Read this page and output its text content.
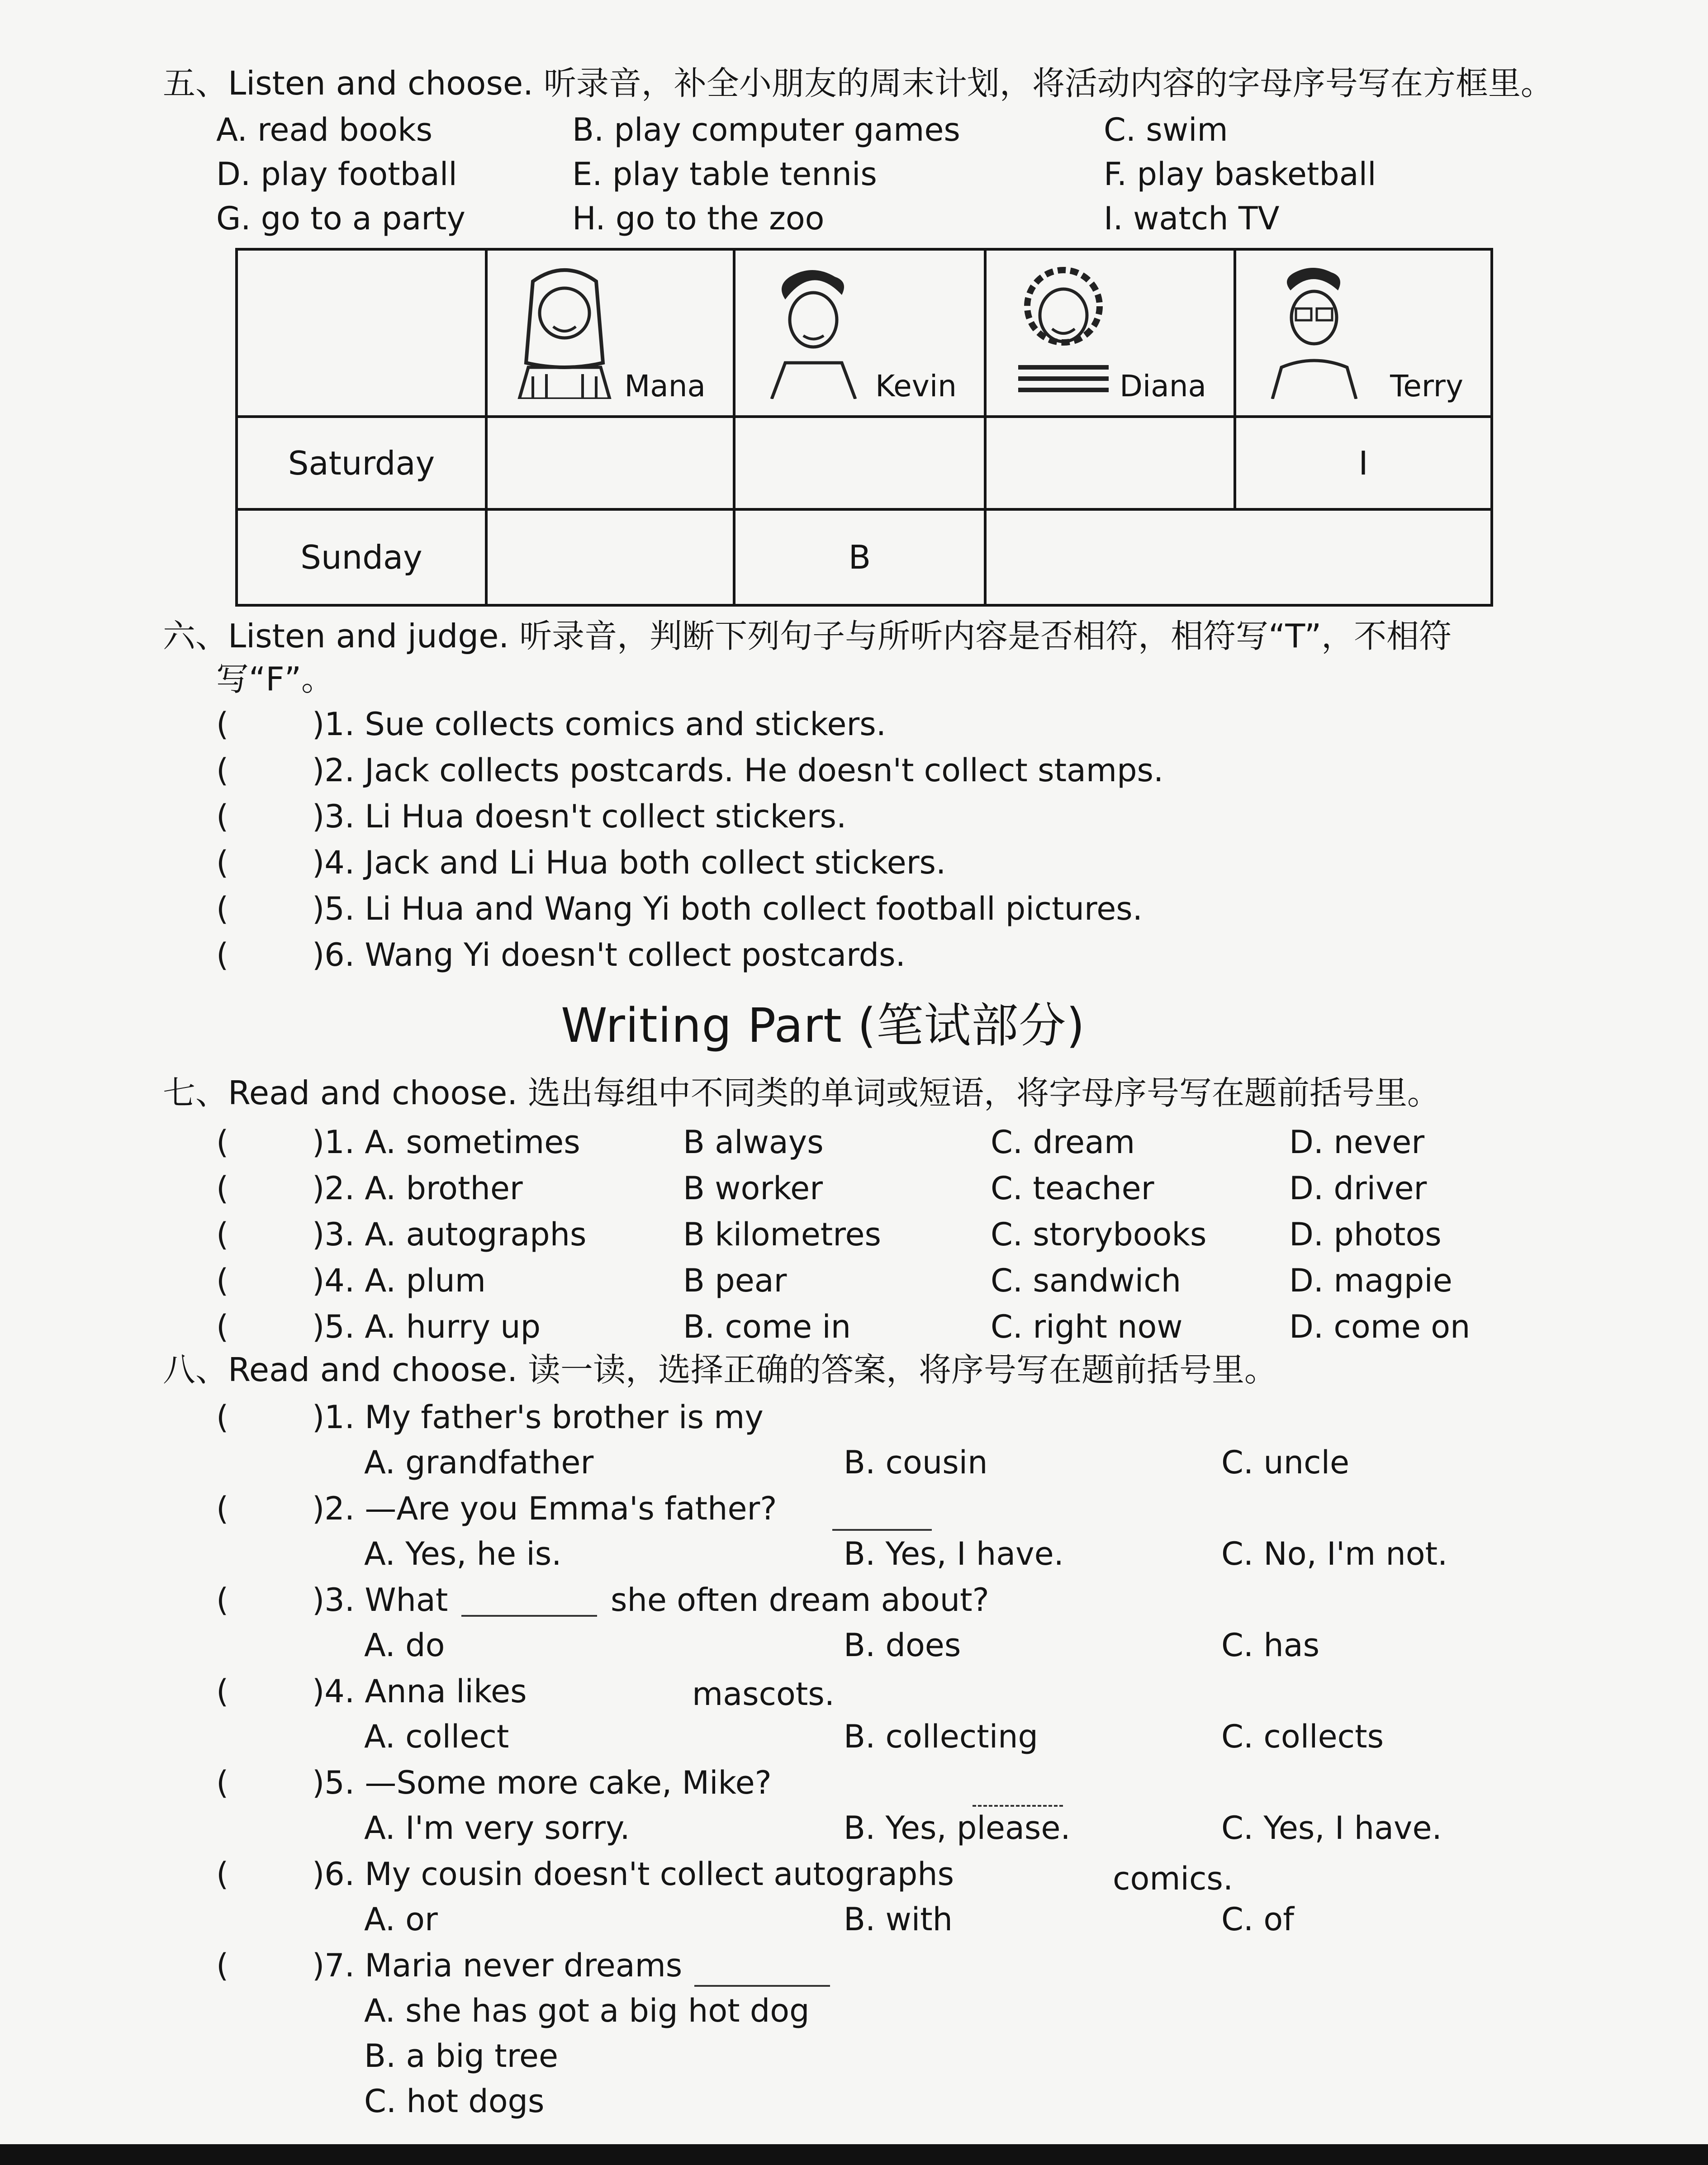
五、Listen and choose. 听录音，补全小朋友的周末计划，将活动内容的字母序号写在方框里。
A. read books	B. play computer games	C. swim
D. play football	E. play table tennis	F. play basketball
G. go to a party	H. go to the zoo	I. watch TV

	Mana	Kevin	Diana	Terry

Saturday				I
Sunday		B		
六、Listen and judge. 听录音，判断下列句子与所听内容是否相符，相符写“T”，不相符
写“F”。
(	)1. Sue collects comics and stickers.
(	)2. Jack collects postcards. He doesn't collect stamps.
(	)3. Li Hua doesn't collect stickers.
(	)4. Jack and Li Hua both collect stickers.
(	)5. Li Hua and Wang Yi both collect football pictures.
(	)6. Wang Yi doesn't collect postcards.
Writing Part (笔试部分)
七、Read and choose. 选出每组中不同类的单词或短语，将字母序号写在题前括号里。
(	)1. A. sometimes	B always	C. dream	D. never
(	)2. A. brother	B worker	C. teacher	D. driver
(	)3. A. autographs	B kilometres	C. storybooks	D. photos
(	)4. A. plum	B pear	C. sandwich	D. magpie
(	)5. A. hurry up	B. come in	C. right now	D. come on
八、Read and choose. 读一读，选择正确的答案，将序号写在题前括号里。
(	)1. My father's brother is my
A. grandfather	B. cousin	C. uncle
(	)2. —Are you Emma's father?
A. Yes, he is.	B. Yes, I have.	C. No, I'm not.
(	)3. What	she often dream about?
A. do	B. does	C. has
(	)4. Anna likes	mascots.
A. collect	B. collecting	C. collects
(	)5. —Some more cake, Mike?
A. I'm very sorry.	B. Yes, please.	C. Yes, I have.
(	)6. My cousin doesn't collect autographs	comics.
A. or	B. with	C. of
(	)7. Maria never dreams
A. she has got a big hot dog
B. a big tree
C. hot dogs
